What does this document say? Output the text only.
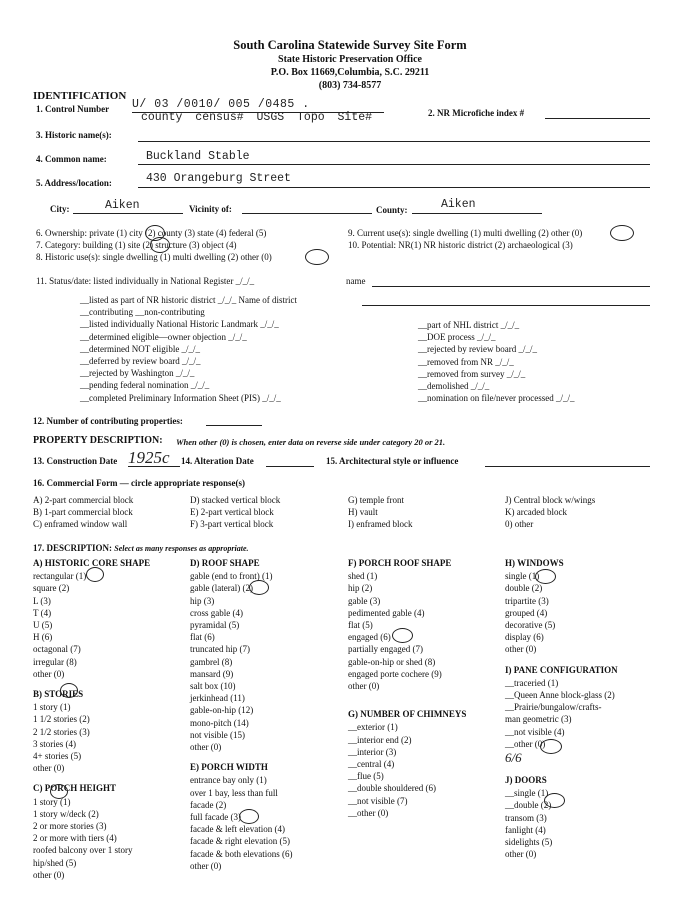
South Carolina Statewide Survey Site Form
State Historic Preservation Office
P.O. Box 11669,Columbia, S.C. 29211
(803) 734-8577
IDENTIFICATION
1. Control Number U/ 03 /0010/ 005 /0485 .
county census# USGS Topo Site#	2. NR Microfiche index #
3. Historic name(s):
4. Common name:	Buckland Stable
5. Address/location:	430 Orangeburg Street
City:	Aiken	Vicinity of:	County:	Aiken
6. Ownership: private (1) city (2) county (3) state (4) federal (5)
7. Category: building (1) site (2) structure (3) object (4)
8. Historic use(s): single dwelling (1) multi dwelling (2) other (0)
9. Current use(s): single dwelling (1) multi dwelling (2) other (0)
10. Potential: NR(1) NR historic district (2) archaeological (3)
11. Status/date: listed individually in National Register _/_/_	name
__listed as part of NR historic district _/_/_ Name of district
__contributing __non-contributing
__listed individually National Historic Landmark _/_/_
__determined eligible—owner objection _/_/_
__determined NOT eligible _/_/_
__deferred by review board _/_/_
__rejected by Washington _/_/_
__pending federal nomination _/_/_
__completed Preliminary Information Sheet (PIS) _/_/_
__part of NHL district _/_/_
__DOE process _/_/_
__rejected by review board _/_/_
__removed from NR _/_/_
__removed from survey _/_/_
__demolished _/_/_
__nomination on file/never processed _/_/_
12. Number of contributing properties:
PROPERTY DESCRIPTION: When other (0) is chosen, enter data on reverse side under category 20 or 21.
13. Construction Date 1925c 14. Alteration Date	15. Architectural style or influence
16. Commercial Form — circle appropriate response(s)
A) 2-part commercial block
B) 1-part commercial block
C) enframed window wall
D) stacked vertical block
E) 2-part vertical block
F) 3-part vertical block
G) temple front
H) vault
I) enframed block
J) Central block w/wings
K) arcaded block
0) other
17. DESCRIPTION: Select as many responses as appropriate.
A) HISTORIC CORE SHAPE
rectangular (1)
square (2)
L (3)
T (4)
U (5)
H (6)
octagonal (7)
irregular (8)
other (0)
B) STORIES
1 story (1)
1 1/2 stories (2)
2 1/2 stories (3)
3 stories (4)
4+ stories (5)
other (0)
C) PORCH HEIGHT
1 story (1)
1 story w/deck (2)
2 or more stories (3)
2 or more with tiers (4)
roofed balcony over 1 story
hip/shed (5)
other (0)
D) ROOF SHAPE
gable (end to front) (1)
gable (lateral) (2)
hip (3)
cross gable (4)
pyramidal (5)
flat (6)
truncated hip (7)
gambrel (8)
mansard (9)
salt box (10)
jerkinhead (11)
gable-on-hip (12)
mono-pitch (14)
not visible (15)
other (0)
E) PORCH WIDTH
entrance bay only (1)
over 1 bay, less than full
facade (2)
full facade (3)
facade & left elevation (4)
facade & right elevation (5)
facade & both elevations (6)
other (0)
F) PORCH ROOF SHAPE
shed (1)
hip (2)
gable (3)
pedimented gable (4)
flat (5)
engaged (6)
partially engaged (7)
gable-on-hip or shed (8)
engaged porte cochere (9)
other (0)
G) NUMBER OF CHIMNEYS
__exterior (1)
__interior end (2)
__interior (3)
__central (4)
__flue (5)
__double shouldered (6)
__not visible (7)
__other (0)
H) WINDOWS
single (1)
double (2)
tripartite (3)
grouped (4)
decorative (5)
display (6)
other (0)
I) PANE CONFIGURATION
__traceried (1)
__Queen Anne block-glass (2)
__Prairie/bungalow/crafts-
man geometric (3)
__not visible (4)
__other (0)
6/6
J) DOORS
__single (1)
__double (2)
transom (3)
fanlight (4)
sidelights (5)
other (0)
